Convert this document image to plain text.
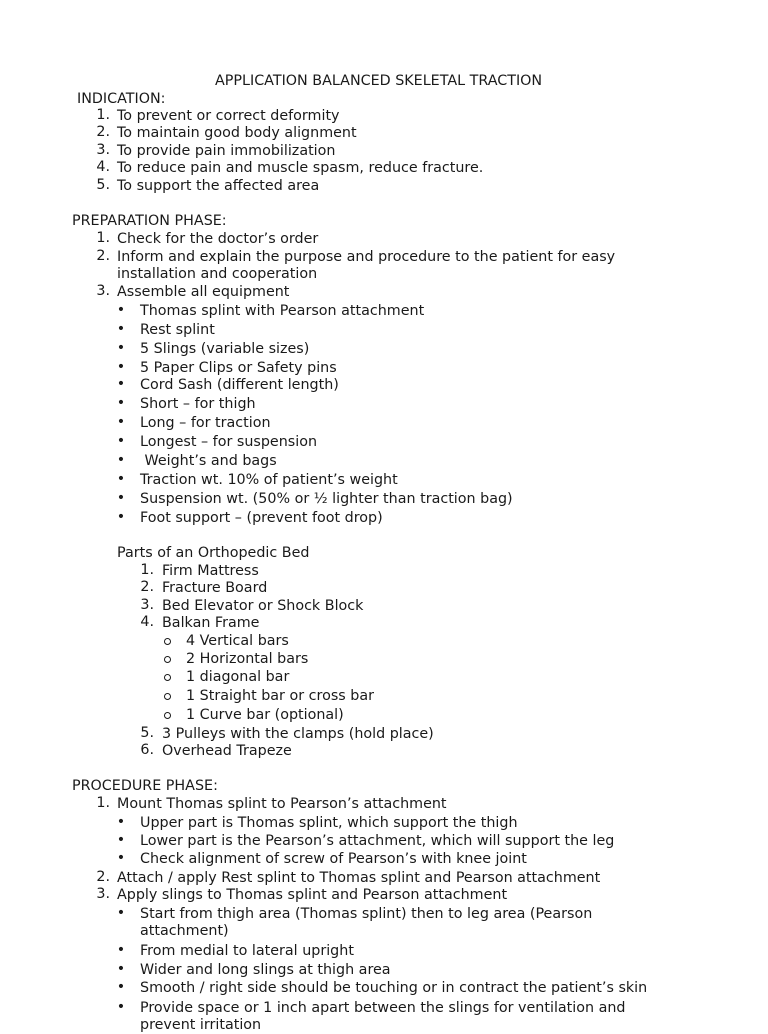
APPLICATION BALANCED SKELETAL TRACTION
INDICATION:
1. To prevent or correct deformity
2. To maintain good body alignment
3. To provide pain immobilization
4. To reduce pain and muscle spasm, reduce fracture.
5. To support the affected area
PREPARATION PHASE:
1. Check for the doctor’s order
2. Inform and explain the purpose and procedure to the patient for easy
installation and cooperation
3. Assemble all equipment
• Thomas splint with Pearson attachment
• Rest splint
• 5 Slings (variable sizes)
• 5 Paper Clips or Safety pins
• Cord Sash (different length)
• Short – for thigh
• Long – for traction
• Longest – for suspension
• Weight’s and bags
• Traction wt. 10% of patient’s weight
• Suspension wt. (50% or ½ lighter than traction bag)
• Foot support – (prevent foot drop)
Parts of an Orthopedic Bed
1. Firm Mattress
2. Fracture Board
3. Bed Elevator or Shock Block
4. Balkan Frame
4 Vertical bars
2 Horizontal bars
1 diagonal bar
1 Straight bar or cross bar
1 Curve bar (optional)
5. 3 Pulleys with the clamps (hold place)
6. Overhead Trapeze
PROCEDURE PHASE:
1. Mount Thomas splint to Pearson’s attachment
• Upper part is Thomas splint, which support the thigh
• Lower part is the Pearson’s attachment, which will support the leg
• Check alignment of screw of Pearson’s with knee joint
2. Attach / apply Rest splint to Thomas splint and Pearson attachment
3. Apply slings to Thomas splint and Pearson attachment
• Start from thigh area (Thomas splint) then to leg area (Pearson
attachment)
• From medial to lateral upright
• Wider and long slings at thigh area
• Smooth / right side should be touching or in contract the patient’s skin
• Provide space or 1 inch apart between the slings for ventilation and
prevent irritation
